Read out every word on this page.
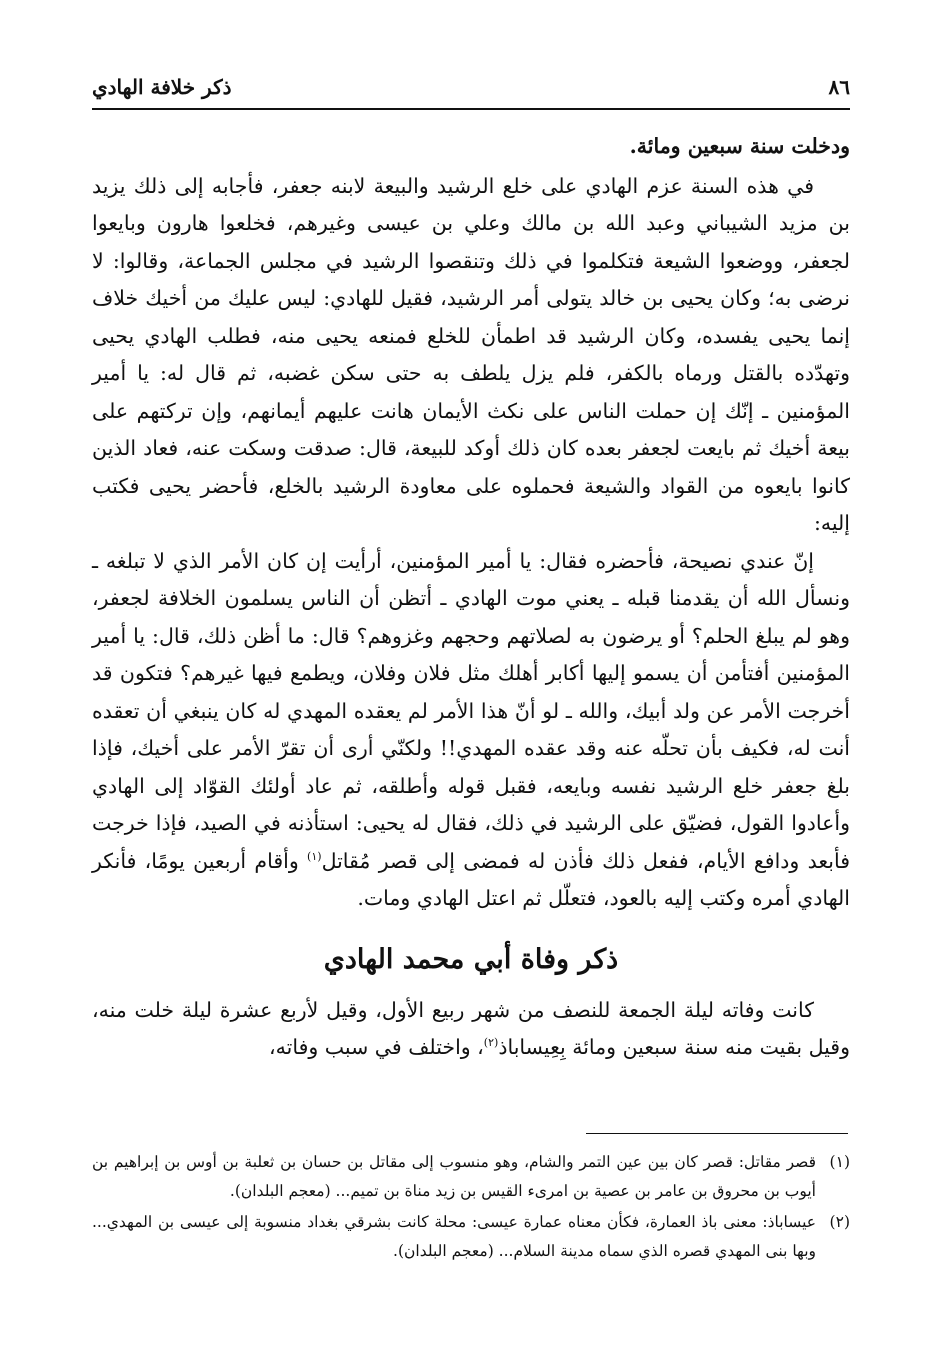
٨٦
ذكر خلافة الهادي

ودخلت سنة سبعين ومائة.

في هذه السنة عزم الهادي على خلع الرشيد والبيعة لابنه جعفر، فأجابه إلى ذلك يزيد بن مزيد الشيباني وعبد الله بن مالك وعلي بن عيسى وغيرهم، فخلعوا هارون وبايعوا لجعفر، ووضعوا الشيعة فتكلموا في ذلك وتنقصوا الرشيد في مجلس الجماعة، وقالوا: لا نرضى به؛ وكان يحيى بن خالد يتولى أمر الرشيد، فقيل للهادي: ليس عليك من أخيك خلاف إنما يحيى يفسده، وكان الرشيد قد اطمأن للخلع فمنعه يحيى منه، فطلب الهادي يحيى وتهدّده بالقتل ورماه بالكفر، فلم يزل يلطف به حتى سكن غضبه، ثم قال له: يا أمير المؤمنين ـ إنّك إن حملت الناس على نكث الأيمان هانت عليهم أيمانهم، وإن تركتهم على بيعة أخيك ثم بايعت لجعفر بعده كان ذلك أوكد للبيعة، قال: صدقت وسكت عنه، فعاد الذين كانوا بايعوه من القواد والشيعة فحملوه على معاودة الرشيد بالخلع، فأحضر يحيى فكتب إليه:

إنّ عندي نصيحة، فأحضره فقال: يا أمير المؤمنين، أرأيت إن كان الأمر الذي لا تبلغه ـ ونسأل الله أن يقدمنا قبله ـ يعني موت الهادي ـ أتظن أن الناس يسلمون الخلافة لجعفر، وهو لم يبلغ الحلم؟ أو يرضون به لصلاتهم وحجهم وغزوهم؟ قال: ما أظن ذلك، قال: يا أمير المؤمنين أفتأمن أن يسمو إليها أكابر أهلك مثل فلان وفلان، ويطمع فيها غيرهم؟ فتكون قد أخرجت الأمر عن ولد أبيك، والله ـ لو أنّ هذا الأمر لم يعقده المهدي له كان ينبغي أن تعقده أنت له، فكيف بأن تحلّه عنه وقد عقده المهدي!! ولكنّي أرى أن تقرّ الأمر على أخيك، فإذا بلغ جعفر خلع الرشيد نفسه وبايعه، فقبل قوله وأطلقه، ثم عاد أولئك القوّاد إلى الهادي وأعادوا القول، فضيّق على الرشيد في ذلك، فقال له يحيى: استأذنه في الصيد، فإذا خرجت فأبعد ودافع الأيام، ففعل ذلك فأذن له فمضى إلى قصر مُقاتل$^{(١)}$ وأقام أربعين يومًا، فأنكر الهادي أمره وكتب إليه بالعود، فتعلّل ثم اعتل الهادي ومات.

ذكر وفاة أبي محمد الهادي

كانت وفاته ليلة الجمعة للنصف من شهر ربيع الأول، وقيل لأربع عشرة ليلة خلت منه، وقيل بقيت منه سنة سبعين ومائة بِعِيساباذ$^{(٢)}$، واختلف في سبب وفاته،

(١)
قصر مقاتل: قصر كان بين عين التمر والشام، وهو منسوب إلى مقاتل بن حسان بن ثعلبة بن أوس بن إبراهيم بن أيوب بن محروق بن عامر بن عصية بن امرىء القيس بن زيد مناة بن تميم... (معجم البلدان).
(٢)
عيساباذ: معنى باذ العمارة، فكأن معناه عمارة عيسى: محلة كانت بشرقي بغداد منسوبة إلى عيسى بن المهدي... وبها بنى المهدي قصره الذي سماه مدينة السلام... (معجم البلدان).
